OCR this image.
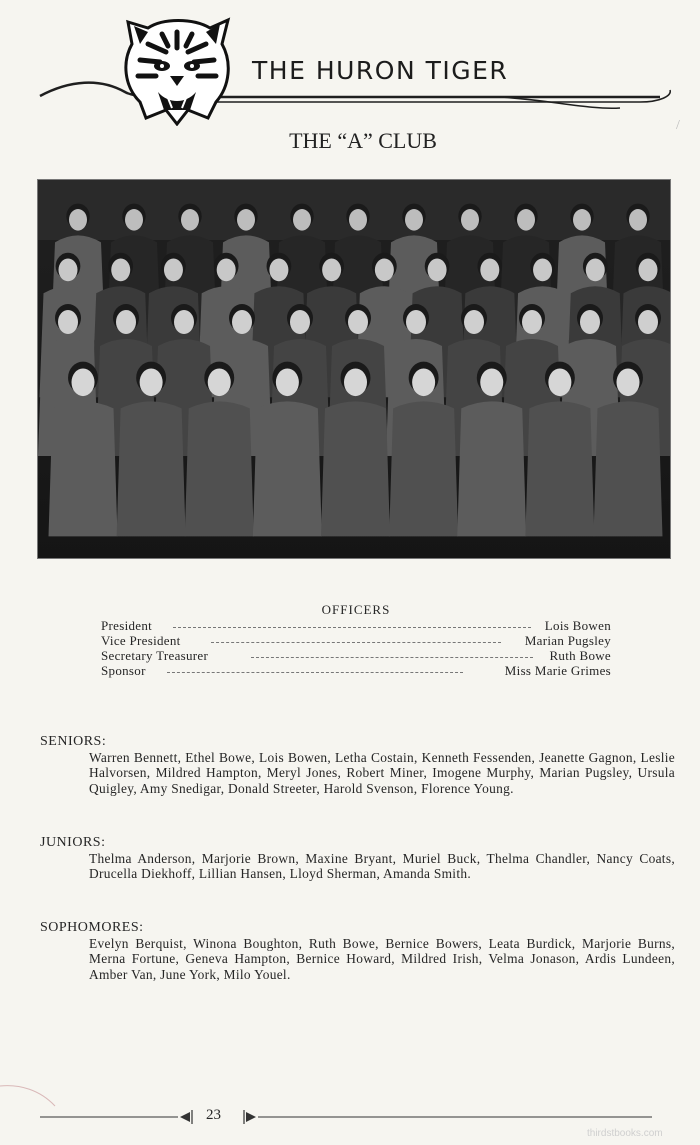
THE HURON TIGER
/
THE “A” CLUB
OFFICERS
President	Lois Bowen
Vice President	Marian Pugsley
Secretary Treasurer	Ruth Bowe
Sponsor	Miss Marie Grimes
SENIORS:
Warren Bennett, Ethel Bowe, Lois Bowen, Letha Costain, Kenneth Fessenden, Jeanette Gagnon, Leslie Halvorsen, Mildred Hampton, Meryl Jones, Robert Miner, Imogene Murphy, Marian Pugsley, Ursula Quigley, Amy Snedigar, Donald Streeter, Harold Svenson, Florence Young.
JUNIORS:
Thelma Anderson, Marjorie Brown, Maxine Bryant, Muriel Buck, Thelma Chandler, Nancy Coats, Drucella Diekhoff, Lillian Hansen, Lloyd Sherman, Amanda Smith.
SOPHOMORES:
Evelyn Berquist, Winona Boughton, Ruth Bowe, Bernice Bowers, Leata Burdick, Marjorie Burns, Merna Fortune, Geneva Hampton, Bernice Howard, Mildred Irish, Velma Jonason, Ardis Lundeen, Amber Van, June York, Milo Youel.
23
thirdstbooks.com
